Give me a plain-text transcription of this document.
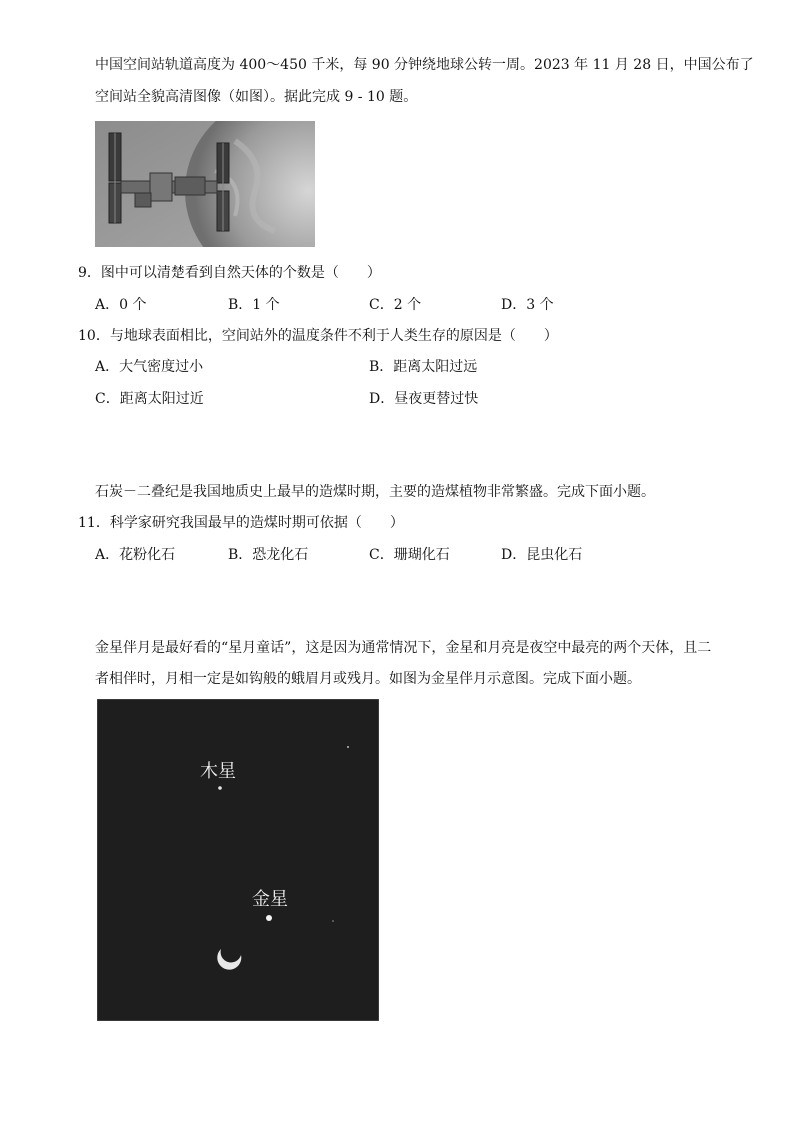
中国空间站轨道高度为 400～450 千米，每 90 分钟绕地球公转一周。2023 年 11 月 28 日，中国公布了
空间站全貌高清图像（如图）。据此完成 9 - 10 题。
9．图中可以清楚看到自然天体的个数是（　　）
A．0 个	B．1 个	C．2 个	D．3 个
10．与地球表面相比，空间站外的温度条件不利于人类生存的原因是（　　）
A．大气密度过小	B．距离太阳过远
C．距离太阳过近	D．昼夜更替过快
石炭－二叠纪是我国地质史上最早的造煤时期，主要的造煤植物非常繁盛。完成下面小题。
11．科学家研究我国最早的造煤时期可依据（　　）
A．花粉化石	B．恐龙化石	C．珊瑚化石	D．昆虫化石
金星伴月是最好看的“星月童话”，这是因为通常情况下，金星和月亮是夜空中最亮的两个天体，且二
者相伴时，月相一定是如钩般的蛾眉月或残月。如图为金星伴月示意图。完成下面小题。
木星
金星
